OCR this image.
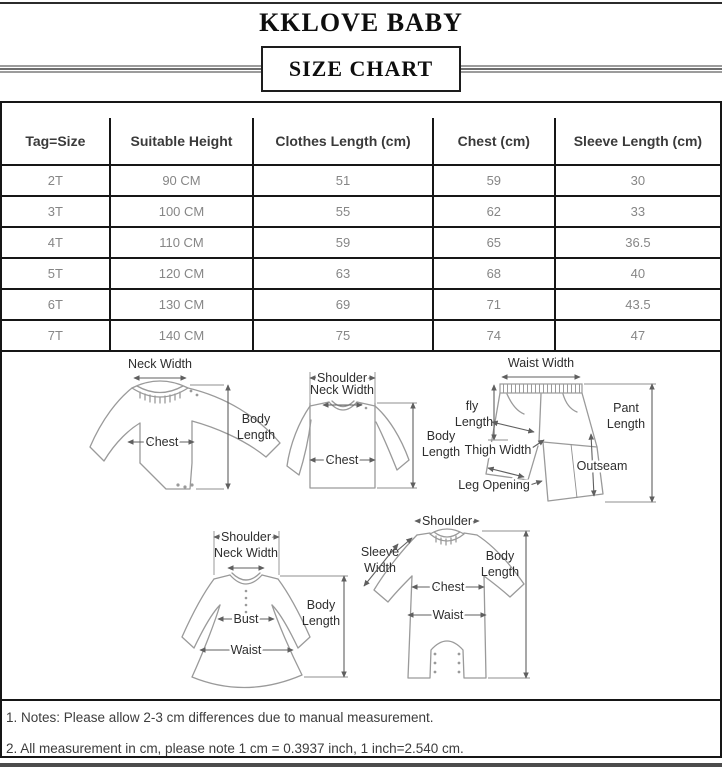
KKLOVE BABY
SIZE CHART
Tag=Size	Suitable Height	Clothes Length (cm)	Chest (cm)	Sleeve Length (cm)
2T	90 CM	51	59	30
3T	100 CM	55	62	33
4T	110 CM	59	65	36.5
5T	120 CM	63	68	40
6T	130 CM	69	71	43.5
7T	140 CM	75	74	47
Neck Width
Chest
Body
Length
Shoulder
Neck Width
Chest
Body
Length
Waist Width
fly
Length
Pant
Length
Thigh Width
Leg Opening
Outseam
Shoulder
Neck Width
Bust
Waist
Body
Length
Shoulder
Sleeve
Width
Chest
Waist
Body
Length

1. Notes: Please allow 2-3 cm differences due to manual measurement.

2. All measurement in cm, please note 1 cm = 0.3937 inch, 1 inch=2.540 cm.
